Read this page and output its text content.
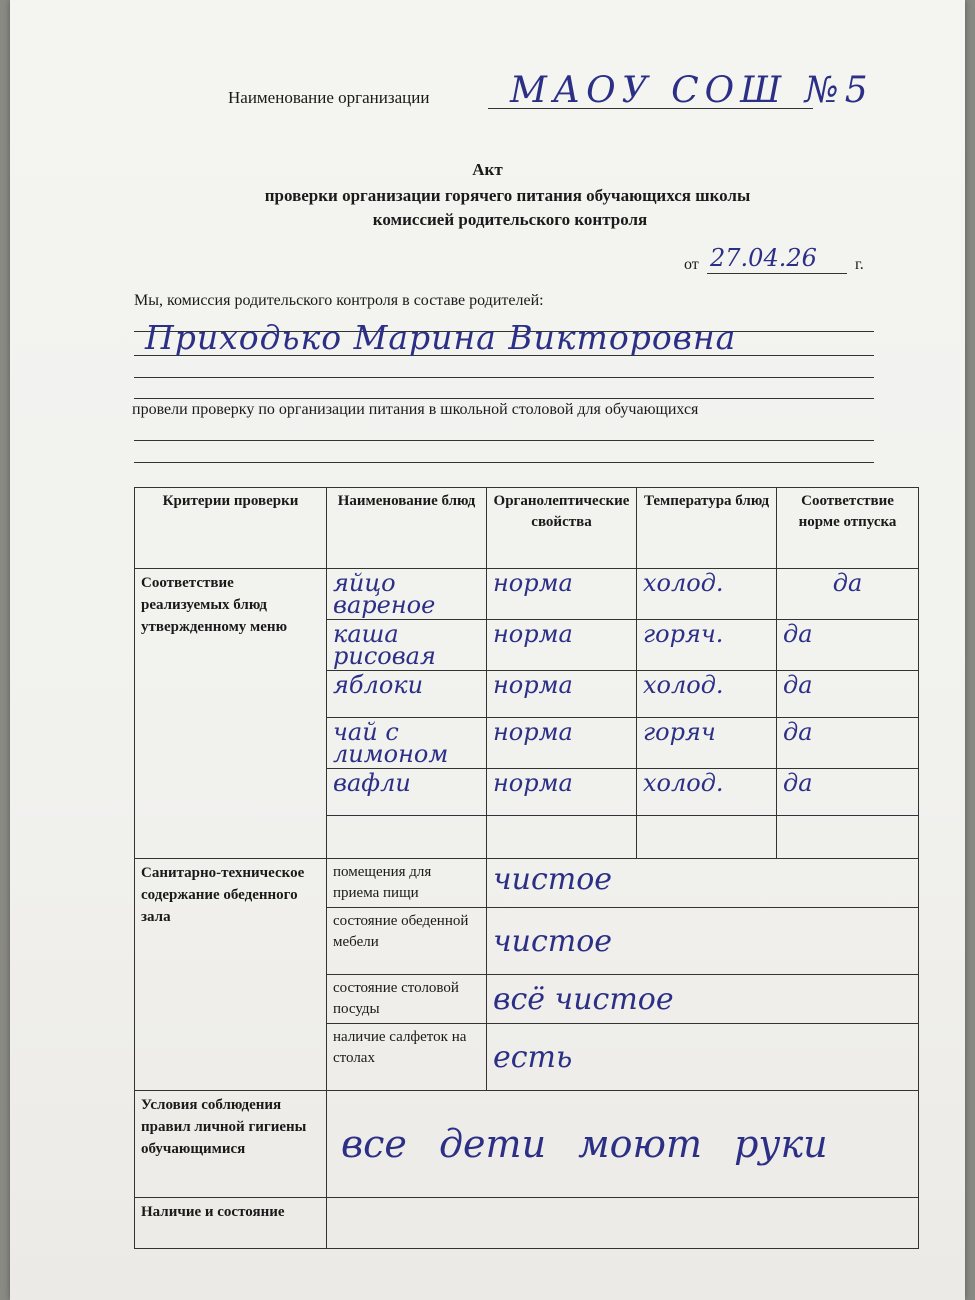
Наименование организации МАОУ СОШ №5
Акт
проверки организации горячего питания обучающихся школы
комиссией родительского контроля
от 27.04.26 г.
Мы, комиссия родительского контроля в составе родителей:
Приходько Марина Викторовна
провели проверку по организации питания в школьной столовой для обучающихся
Критерии проверки	Наименование блюд	Органолептические свойства	Температура блюд	Соответствие норме отпуска
Соответствие реализуемых блюд утвержденному меню	яйцо вареное	норма	холод.	да
	каша рисовая	норма	горяч.	да
	яблоки	норма	холод.	да
	чай с лимоном	норма	горяч	да
	вафли	норма	холод.	да

Санитарно-техническое содержание обеденного зала	помещения для приема пищи	чистое		
	состояние обеденной мебели	чистое		
	состояние столовой посуды	всё чистое		
	наличие салфеток на столах	есть		
Условия соблюдения правил личной гигиены обучающимися	все дети моют руки			
Наличие и состояние				
